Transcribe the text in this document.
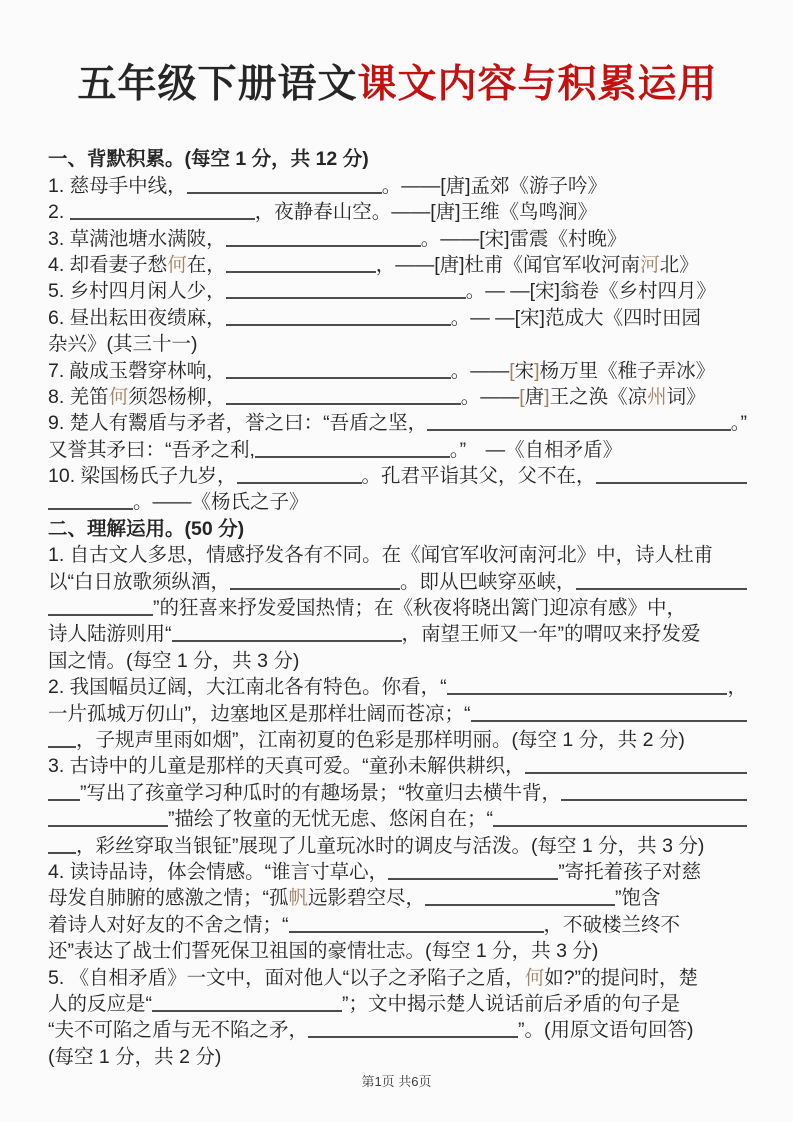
五年级下册语文课文内容与积累运用
一、背默积累。(每空 1 分，共 12 分)
1. 慈母手中线，	。——[唐]孟郊《游子吟》
2.	，夜静春山空。——[唐]王维《鸟鸣涧》
3. 草满池塘水满陂，	。——[宋]雷震《村晚》
4. 却看妻子愁 何 在，	，——[唐]杜甫《闻官军收河南 河 北》
5. 乡村四月闲人少，	。— —[宋]翁卷《乡村四月》
6. 昼出耘田夜绩麻，	。— —[宋]范成大《四时田园
杂兴》(其三十一)
7. 敲成玉磬穿林响，	。—— [ 宋 ] 杨万里《稚子弄冰》
8. 羌笛 何 须怨杨柳，	。—— [ 唐 ] 王之涣《凉 州 词》
9. 楚人有鬻盾与矛者，誉之曰：“吾盾之坚，	。”
又誉其矛曰：“吾矛之利,	。”　—《自相矛盾》
10. 梁国杨氏子九岁，	。孔君平诣其父，父不在，
。——《杨氏之子》
二、理解运用。(50 分)
1. 自古文人多思，情感抒发各有不同。在《闻官军收河南河北》中，诗人杜甫
以“白日放歌须纵酒，	。即从巴峡穿巫峡，
”的狂喜来抒发爱国热情；在《秋夜将晓出篱门迎凉有感》中，
诗人陆游则用“	，南望王师又一年”的喟叹来抒发爱
国之情。(每空 1 分，共 3 分)
2. 我国幅员辽阔，大江南北各有特色。你看，“	，
一片孤城万仞山”，边塞地区是那样壮阔而苍凉；“
，子规声里雨如烟”，江南初夏的色彩是那样明丽。(每空 1 分，共 2 分)
3. 古诗中的儿童是那样的天真可爱。“童孙未解供耕织，
”写出了孩童学习种瓜时的有趣场景；“牧童归去横牛背，
”描绘了牧童的无忧无虑、悠闲自在；“
，彩丝穿取当银钲”展现了儿童玩冰时的调皮与活泼。(每空 1 分，共 3 分)
4. 读诗品诗，体会情感。“谁言寸草心，	”寄托着孩子对慈
母发自肺腑的感激之情；“孤 帆 远影碧空尽，	”饱含
着诗人对好友的不舍之情；“	，不破楼兰终不
还”表达了战士们誓死保卫祖国的豪情壮志。(每空 1 分，共 3 分)
5. 《自相矛盾》一文中，面对他人“以子之矛陷子之盾， 何 如?”的提问时，楚
人的反应是“	”；文中揭示楚人说话前后矛盾的句子是
“夫不可陷之盾与无不陷之矛，	”。(用原文语句回答)
(每空 1 分，共 2 分)
第1页 共6页
